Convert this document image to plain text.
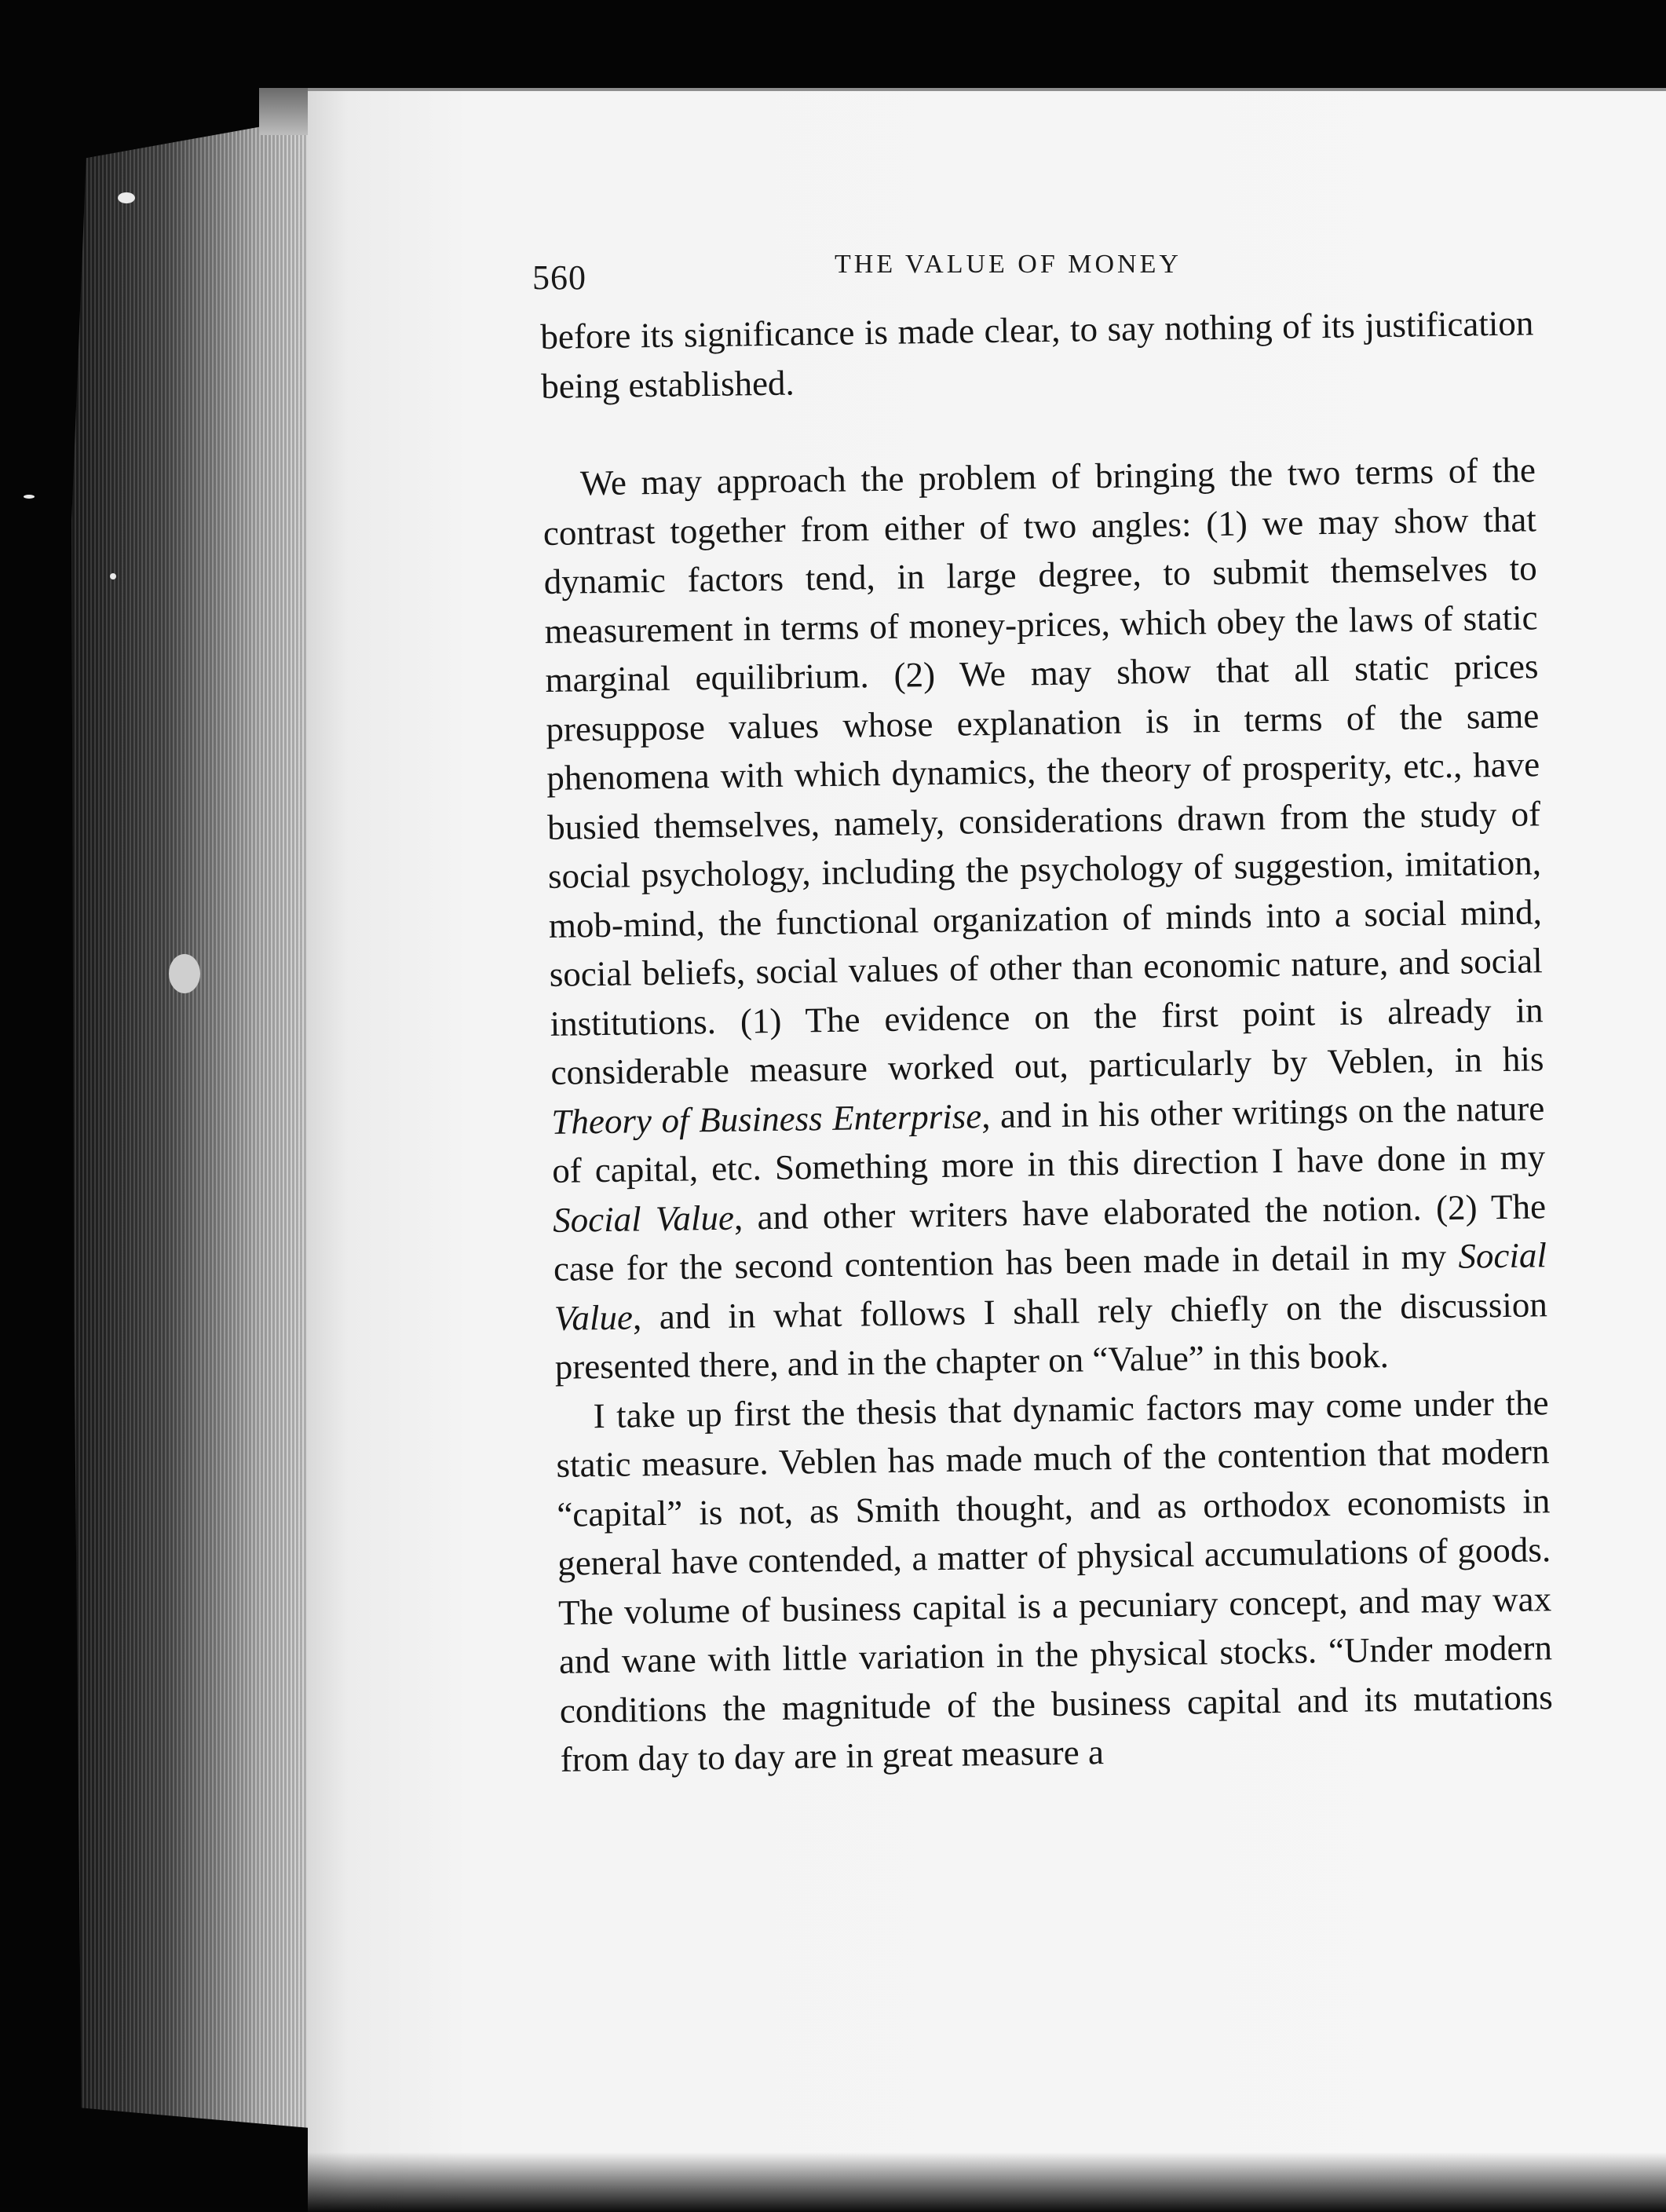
560	THE VALUE OF MONEY

before its significance is made clear, to say nothing of its justification being established.

We may approach the problem of bringing the two terms of the contrast together from either of two angles: (1) we may show that dynamic factors tend, in large degree, to submit themselves to measurement in terms of money-prices, which obey the laws of static marginal equilibrium. (2) We may show that all static prices presuppose values whose explanation is in terms of the same phenomena with which dynamics, the theory of prosperity, etc., have busied themselves, namely, considerations drawn from the study of social psychology, including the psychology of suggestion, imitation, mob-mind, the functional organization of minds into a social mind, social beliefs, social values of other than economic nature, and social institutions. (1) The evidence on the first point is already in considerable measure worked out, particularly by Veblen, in his Theory of Business Enterprise, and in his other writings on the nature of capital, etc. Something more in this direction I have done in my Social Value, and other writers have elaborated the notion. (2) The case for the second contention has been made in detail in my Social Value, and in what follows I shall rely chiefly on the discussion presented there, and in the chapter on “Value” in this book.

I take up first the thesis that dynamic factors may come under the static measure. Veblen has made much of the contention that modern “capital” is not, as Smith thought, and as orthodox economists in general have contended, a matter of physical accumulations of goods. The volume of business capital is a pecuniary concept, and may wax and wane with little variation in the physical stocks. “Under modern conditions the magnitude of the business capital and its mutations from day to day are in great measure a
